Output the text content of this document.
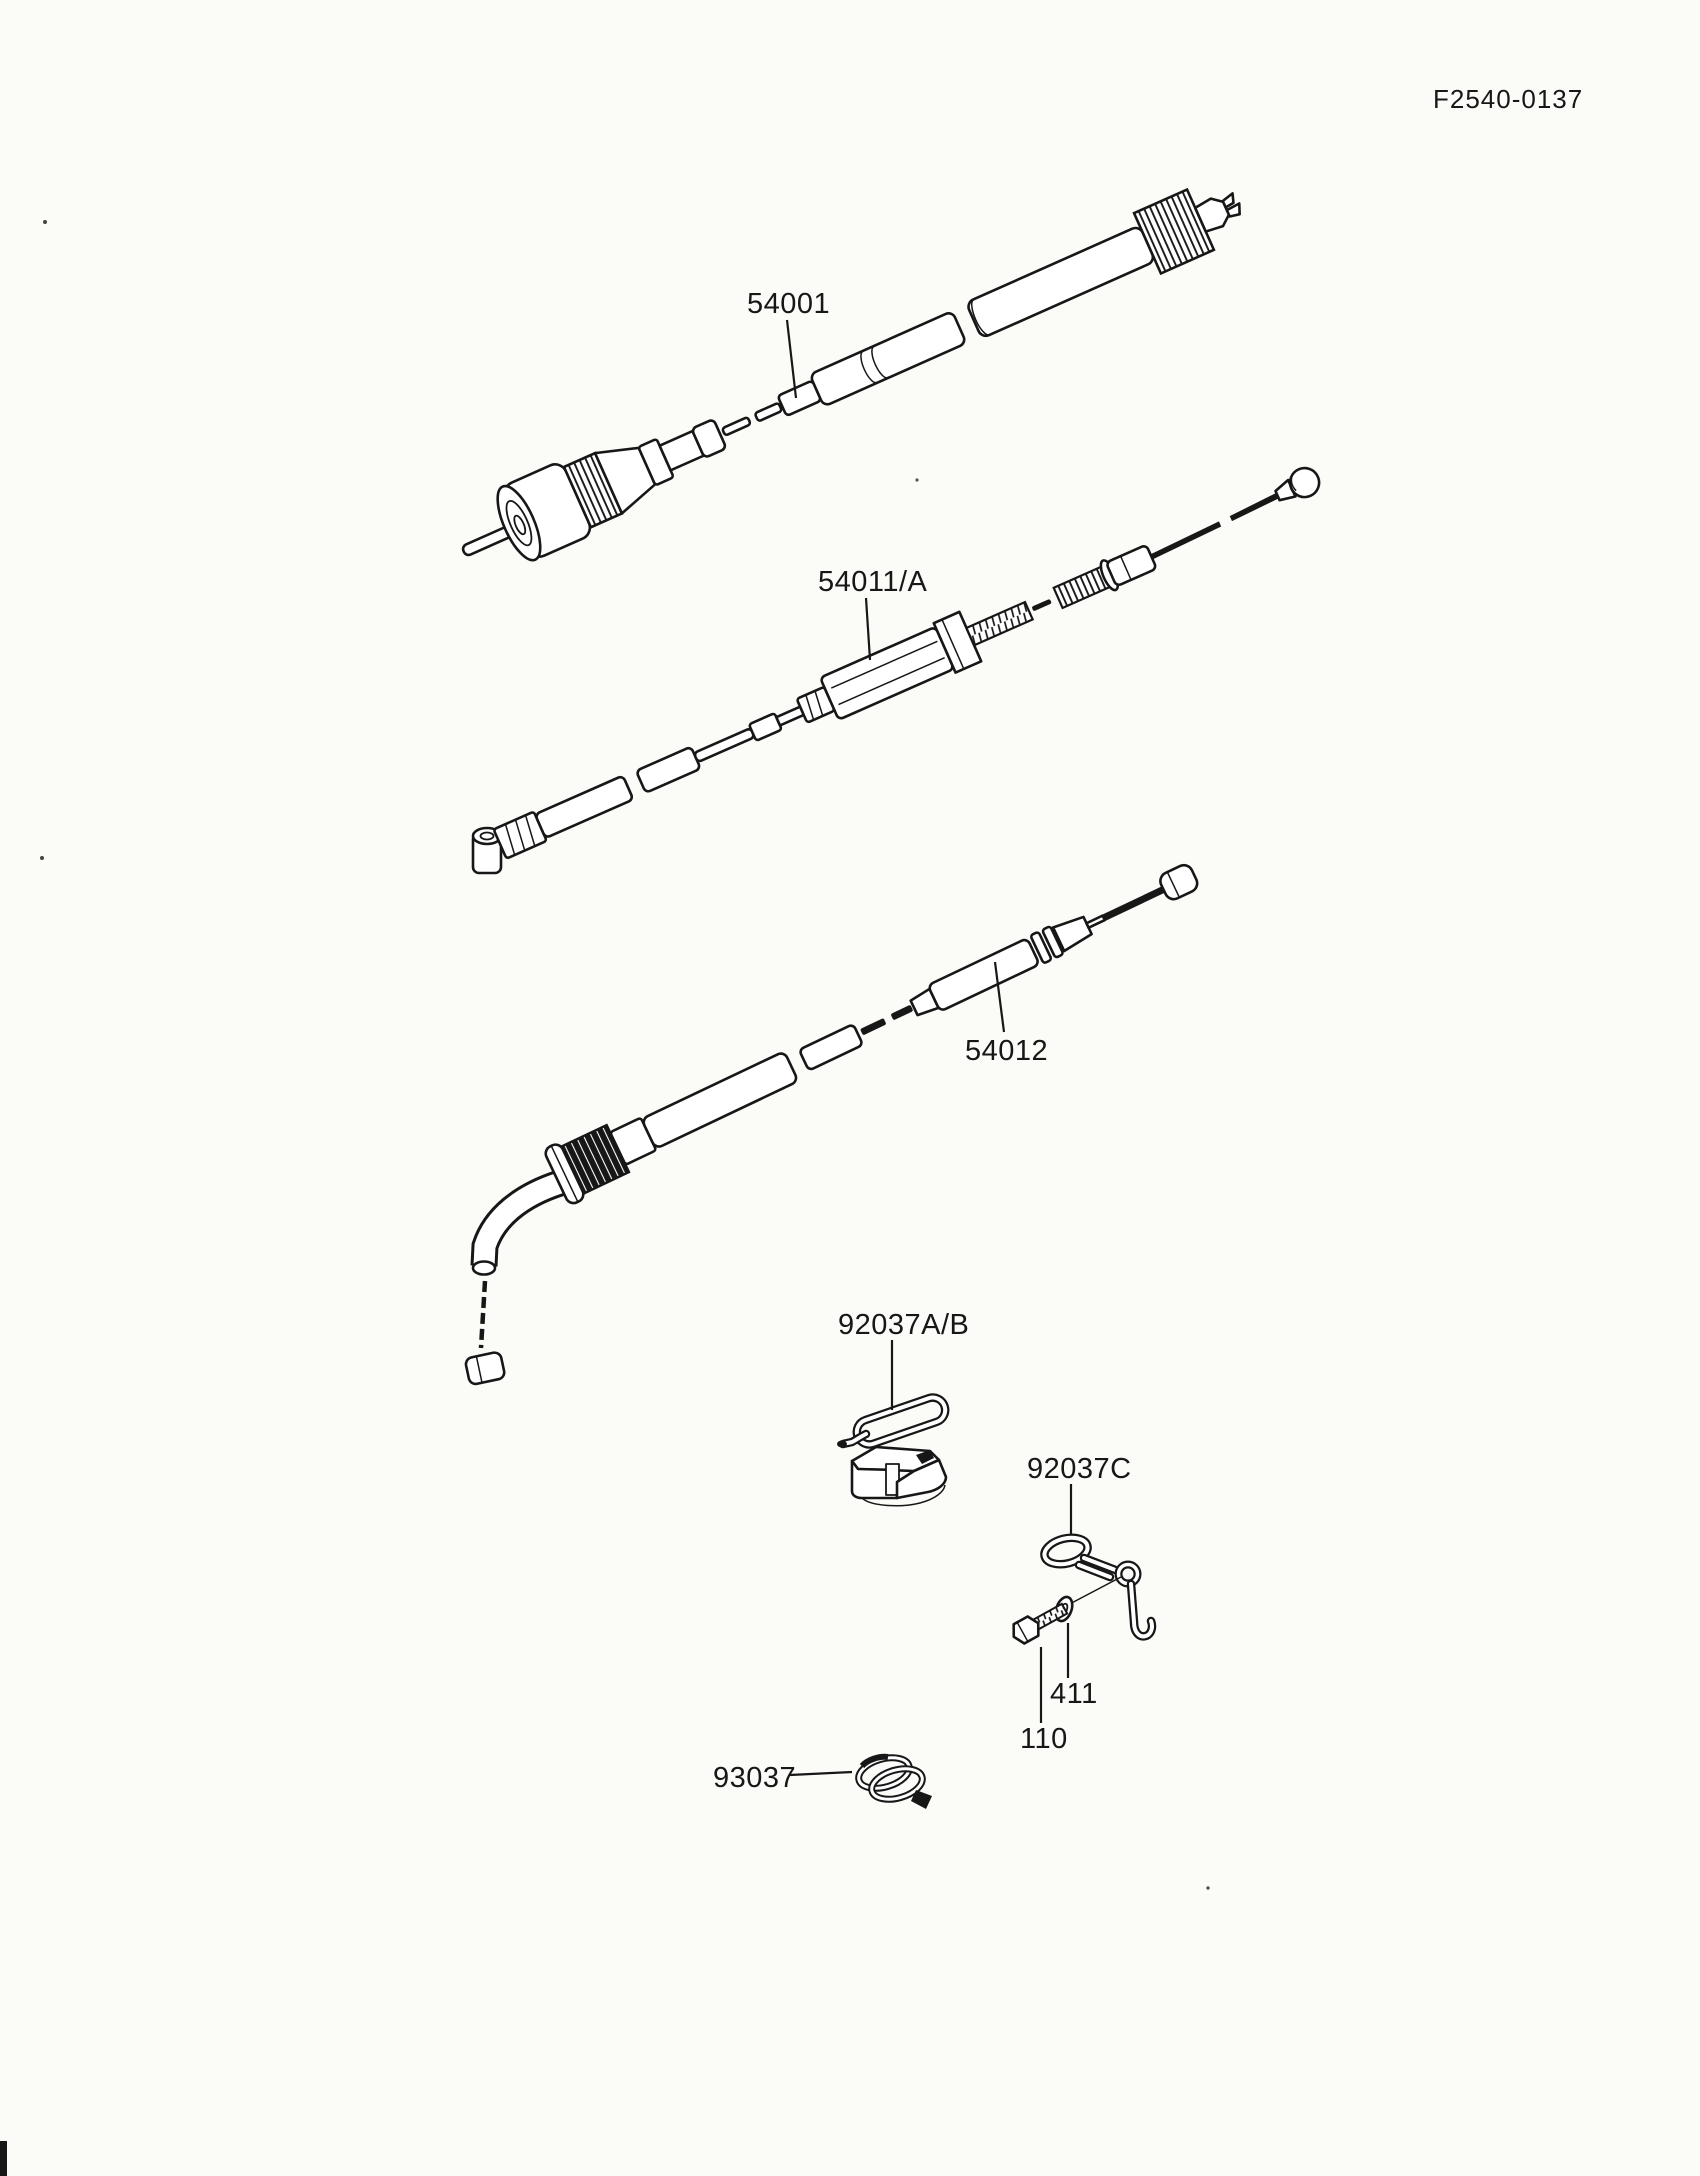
F2540-0137
54001
54011/A
54012
92037A/B
92037C
411
110
93037
